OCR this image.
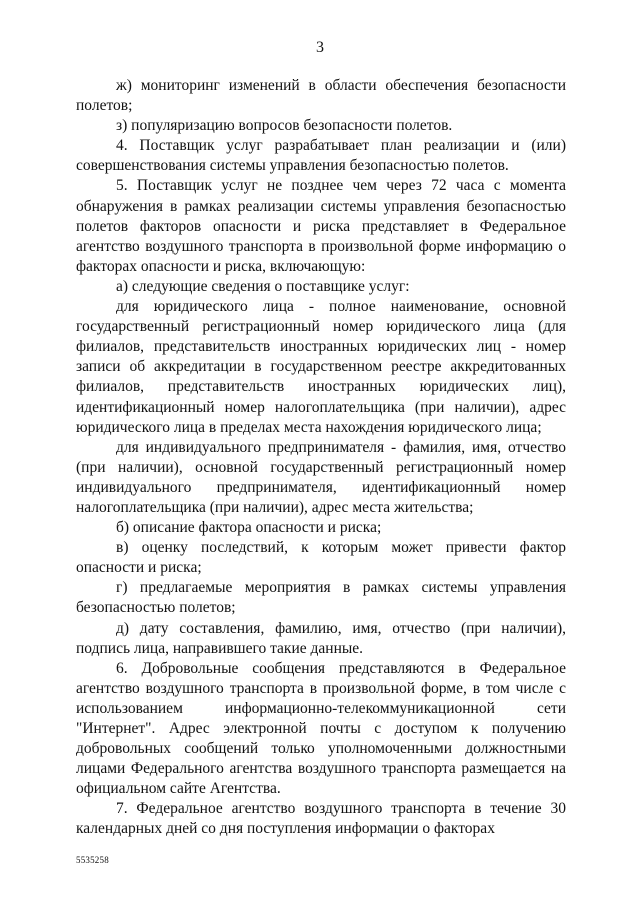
3

ж) мониторинг изменений в области обеспечения безопасности полетов;

з) популяризацию вопросов безопасности полетов.

4. Поставщик услуг разрабатывает план реализации и (или) совершенствования системы управления безопасностью полетов.

5. Поставщик услуг не позднее чем через 72 часа с момента обнаружения в рамках реализации системы управления безопасностью полетов факторов опасности и риска представляет в Федеральное агентство воздушного транспорта в произвольной форме информацию о факторах опасности и риска, включающую:

а) следующие сведения о поставщике услуг:

для юридического лица - полное наименование, основной государственный регистрационный номер юридического лица (для филиалов, представительств иностранных юридических лиц - номер записи об аккредитации в государственном реестре аккредитованных филиалов, представительств иностранных юридических лиц), идентификационный номер налогоплательщика (при наличии), адрес юридического лица в пределах места нахождения юридического лица;

для индивидуального предпринимателя - фамилия, имя, отчество (при наличии), основной государственный регистрационный номер индивидуального предпринимателя, идентификационный номер налогоплательщика (при наличии), адрес места жительства;

б) описание фактора опасности и риска;

в) оценку последствий, к которым может привести фактор опасности и риска;

г) предлагаемые мероприятия в рамках системы управления безопасностью полетов;

д) дату составления, фамилию, имя, отчество (при наличии), подпись лица, направившего такие данные.

6. Добровольные сообщения представляются в Федеральное агентство воздушного транспорта в произвольной форме, в том числе с использованием информационно-телекоммуникационной сети "Интернет". Адрес электронной почты с доступом к получению добровольных сообщений только уполномоченными должностными лицами Федерального агентства воздушного транспорта размещается на официальном сайте Агентства.

7. Федеральное агентство воздушного транспорта в течение 30 календарных дней со дня поступления информации о факторах

5535258
